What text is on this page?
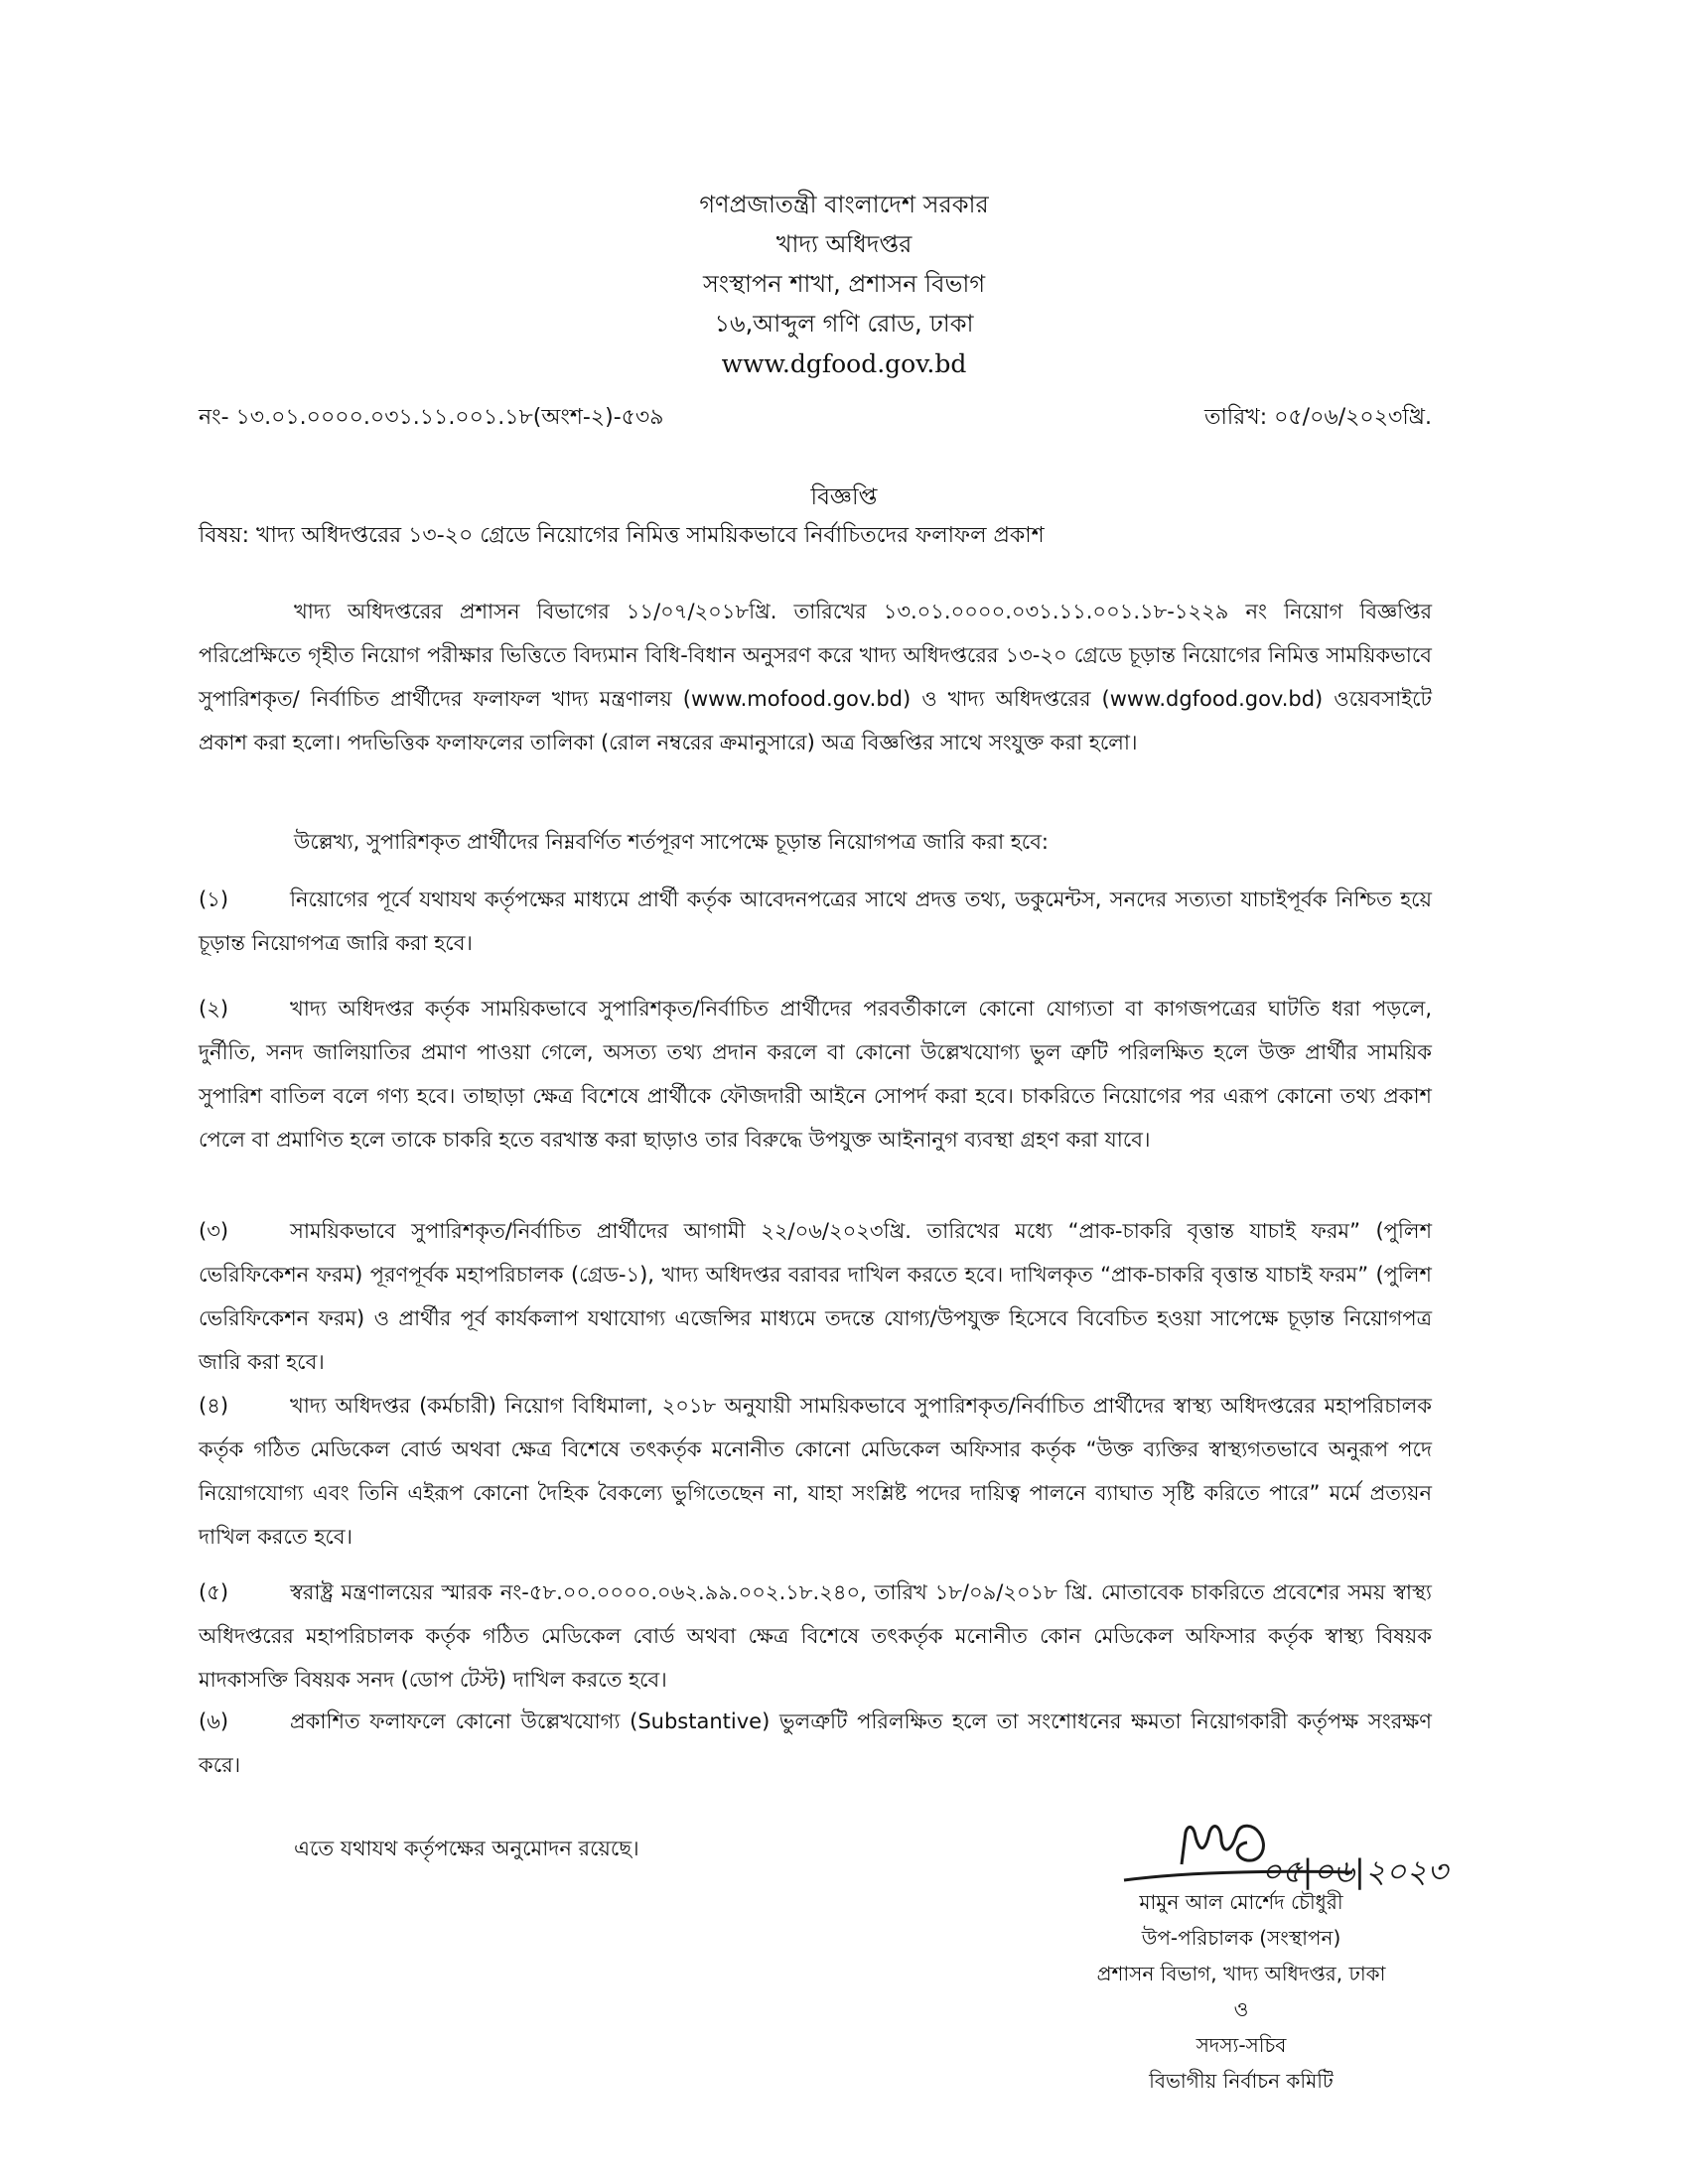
গণপ্রজাতন্ত্রী বাংলাদেশ সরকার
খাদ্য অধিদপ্তর
সংস্থাপন শাখা, প্রশাসন বিভাগ
১৬,আব্দুল গণি রোড, ঢাকা
www.dgfood.gov.bd
নং- ১৩.০১.০০০০.০৩১.১১.০০১.১৮(অংশ-২)-৫৩৯	তারিখ: ০৫/০৬/২০২৩খ্রি.
বিজ্ঞপ্তি
বিষয়: খাদ্য অধিদপ্তরের ১৩-২০ গ্রেডে নিয়োগের নিমিত্ত সাময়িকভাবে নির্বাচিতদের ফলাফল প্রকাশ
খাদ্য অধিদপ্তরের প্রশাসন বিভাগের ১১/০৭/২০১৮খ্রি. তারিখের ১৩.০১.০০০০.০৩১.১১.০০১.১৮-১২২৯ নং নিয়োগ বিজ্ঞপ্তির পরিপ্রেক্ষিতে গৃহীত নিয়োগ পরীক্ষার ভিত্তিতে বিদ্যমান বিধি-বিধান অনুসরণ করে খাদ্য অধিদপ্তরের ১৩-২০ গ্রেডে চূড়ান্ত নিয়োগের নিমিত্ত সাময়িকভাবে সুপারিশকৃত/ নির্বাচিত প্রার্থীদের ফলাফল খাদ্য মন্ত্রণালয় (www.mofood.gov.bd) ও খাদ্য অধিদপ্তরের (www.dgfood.gov.bd) ওয়েবসাইটে প্রকাশ করা হলো। পদভিত্তিক ফলাফলের তালিকা (রোল নম্বরের ক্রমানুসারে) অত্র বিজ্ঞপ্তির সাথে সংযুক্ত করা হলো।
উল্লেখ্য, সুপারিশকৃত প্রার্থীদের নিম্নবর্ণিত শর্তপূরণ সাপেক্ষে চূড়ান্ত নিয়োগপত্র জারি করা হবে:
(১)	নিয়োগের পূর্বে যথাযথ কর্তৃপক্ষের মাধ্যমে প্রার্থী কর্তৃক আবেদনপত্রের সাথে প্রদত্ত তথ্য, ডকুমেন্টস, সনদের সত্যতা যাচাইপূর্বক নিশ্চিত হয়ে চূড়ান্ত নিয়োগপত্র জারি করা হবে।
(২)	খাদ্য অধিদপ্তর কর্তৃক সাময়িকভাবে সুপারিশকৃত/নির্বাচিত প্রার্থীদের পরবর্তীকালে কোনো যোগ্যতা বা কাগজপত্রের ঘাটতি ধরা পড়লে, দুর্নীতি, সনদ জালিয়াতির প্রমাণ পাওয়া গেলে, অসত্য তথ্য প্রদান করলে বা কোনো উল্লেখযোগ্য ভুল ত্রুটি পরিলক্ষিত হলে উক্ত প্রার্থীর সাময়িক সুপারিশ বাতিল বলে গণ্য হবে। তাছাড়া ক্ষেত্র বিশেষে প্রার্থীকে ফৌজদারী আইনে সোপর্দ করা হবে। চাকরিতে নিয়োগের পর এরূপ কোনো তথ্য প্রকাশ পেলে বা প্রমাণিত হলে তাকে চাকরি হতে বরখাস্ত করা ছাড়াও তার বিরুদ্ধে উপযুক্ত আইনানুগ ব্যবস্থা গ্রহণ করা যাবে।
(৩)	সাময়িকভাবে সুপারিশকৃত/নির্বাচিত প্রার্থীদের আগামী ২২/০৬/২০২৩খ্রি. তারিখের মধ্যে “প্রাক-চাকরি বৃত্তান্ত যাচাই ফরম” (পুলিশ ভেরিফিকেশন ফরম) পূরণপূর্বক মহাপরিচালক (গ্রেড-১), খাদ্য অধিদপ্তর বরাবর দাখিল করতে হবে। দাখিলকৃত “প্রাক-চাকরি বৃত্তান্ত যাচাই ফরম” (পুলিশ ভেরিফিকেশন ফরম) ও প্রার্থীর পূর্ব কার্যকলাপ যথাযোগ্য এজেন্সির মাধ্যমে তদন্তে যোগ্য/উপযুক্ত হিসেবে বিবেচিত হওয়া সাপেক্ষে চূড়ান্ত নিয়োগপত্র জারি করা হবে।
(৪)	খাদ্য অধিদপ্তর (কর্মচারী) নিয়োগ বিধিমালা, ২০১৮ অনুযায়ী সাময়িকভাবে সুপারিশকৃত/নির্বাচিত প্রার্থীদের স্বাস্থ্য অধিদপ্তরের মহাপরিচালক কর্তৃক গঠিত মেডিকেল বোর্ড অথবা ক্ষেত্র বিশেষে তৎকর্তৃক মনোনীত কোনো মেডিকেল অফিসার কর্তৃক “উক্ত ব্যক্তির স্বাস্থ্যগতভাবে অনুরূপ পদে নিয়োগযোগ্য এবং তিনি এইরূপ কোনো দৈহিক বৈকল্যে ভুগিতেছেন না, যাহা সংশ্লিষ্ট পদের দায়িত্ব পালনে ব্যাঘাত সৃষ্টি করিতে পারে” মর্মে প্রত্যয়ন দাখিল করতে হবে।
(৫)	স্বরাষ্ট্র মন্ত্রণালয়ের স্মারক নং-৫৮.০০.০০০০.০৬২.৯৯.০০২.১৮.২৪০, তারিখ ১৮/০৯/২০১৮ খ্রি. মোতাবেক চাকরিতে প্রবেশের সময় স্বাস্থ্য অধিদপ্তরের মহাপরিচালক কর্তৃক গঠিত মেডিকেল বোর্ড অথবা ক্ষেত্র বিশেষে তৎকর্তৃক মনোনীত কোন মেডিকেল অফিসার কর্তৃক স্বাস্থ্য বিষয়ক মাদকাসক্তি বিষয়ক সনদ (ডোপ টেস্ট) দাখিল করতে হবে।
(৬)	প্রকাশিত ফলাফলে কোনো উল্লেখযোগ্য (Substantive) ভুলত্রুটি পরিলক্ষিত হলে তা সংশোধনের ক্ষমতা নিয়োগকারী কর্তৃপক্ষ সংরক্ষণ করে।
এতে যথাযথ কর্তৃপক্ষের অনুমোদন রয়েছে।
০৫|০৬|২০২৩
মামুন আল মোর্শেদ চৌধুরী
উপ-পরিচালক (সংস্থাপন)
প্রশাসন বিভাগ, খাদ্য অধিদপ্তর, ঢাকা
ও
সদস্য-সচিব
বিভাগীয় নির্বাচন কমিটি
